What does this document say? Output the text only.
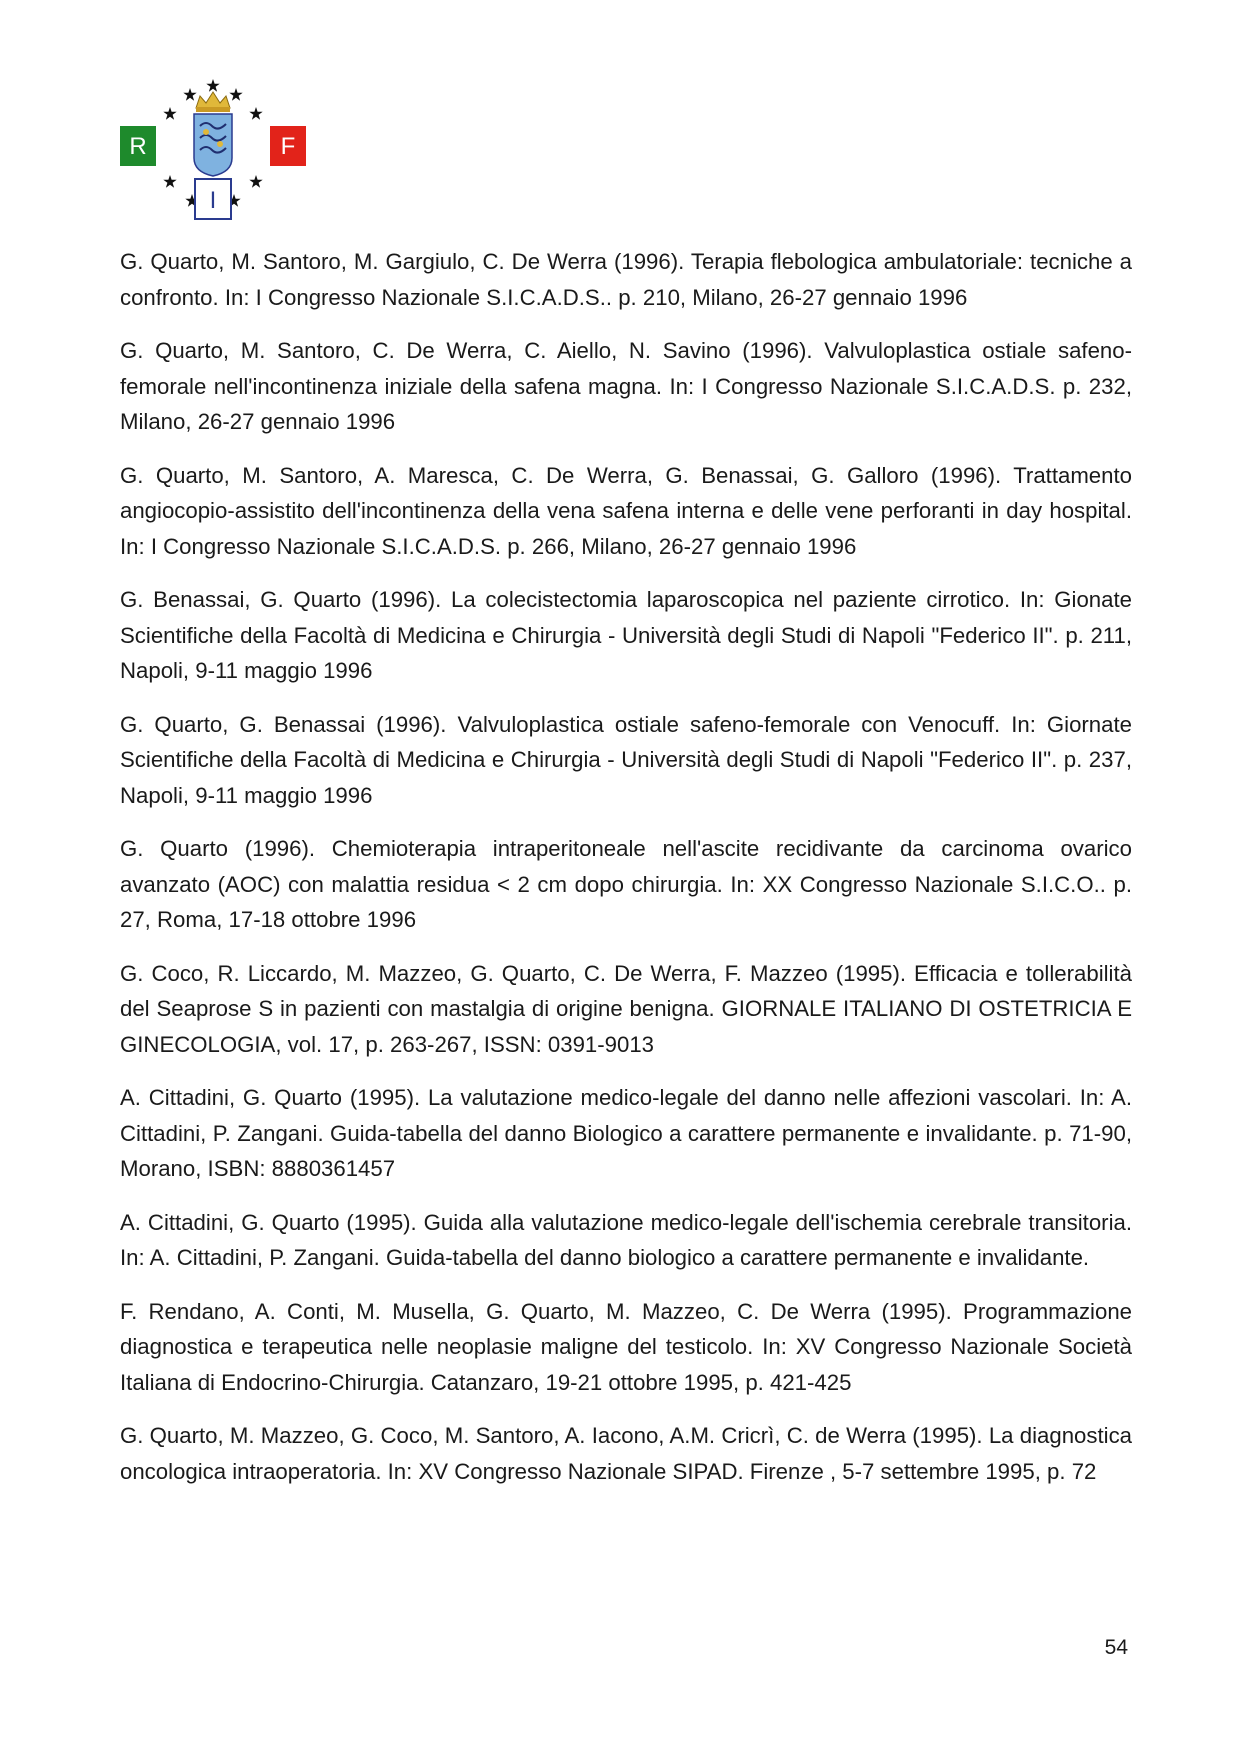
R	F
I

G. Quarto, M. Santoro, M. Gargiulo, C. De Werra (1996). Terapia flebologica ambulatoriale: tecniche a confronto. In: I Congresso Nazionale S.I.C.A.D.S.. p. 210, Milano, 26-27 gennaio 1996

G. Quarto, M. Santoro, C. De Werra, C. Aiello, N. Savino (1996). Valvuloplastica ostiale safeno-femorale nell'incontinenza iniziale della safena magna. In: I Congresso Nazionale S.I.C.A.D.S. p. 232, Milano, 26-27 gennaio 1996

G. Quarto, M. Santoro, A. Maresca, C. De Werra, G. Benassai, G. Galloro (1996). Trattamento angiocopio-assistito dell'incontinenza della vena safena interna e delle vene perforanti in day hospital. In: I Congresso Nazionale S.I.C.A.D.S. p. 266, Milano, 26-27 gennaio 1996

G. Benassai, G. Quarto (1996). La colecistectomia laparoscopica nel paziente cirrotico. In: Gionate Scientifiche della Facoltà di Medicina e Chirurgia - Università degli Studi di Napoli "Federico II". p. 211, Napoli, 9-11 maggio 1996

G. Quarto, G. Benassai (1996). Valvuloplastica ostiale safeno-femorale con Venocuff. In: Giornate Scientifiche della Facoltà di Medicina e Chirurgia - Università degli Studi di Napoli "Federico II". p. 237, Napoli, 9-11 maggio 1996

G. Quarto (1996). Chemioterapia intraperitoneale nell'ascite recidivante da carcinoma ovarico avanzato (AOC) con malattia residua < 2 cm dopo chirurgia. In: XX Congresso Nazionale S.I.C.O.. p. 27, Roma, 17-18 ottobre 1996

G. Coco, R. Liccardo, M. Mazzeo, G. Quarto, C. De Werra, F. Mazzeo (1995). Efficacia e tollerabilità del Seaprose S in pazienti con mastalgia di origine benigna. GIORNALE ITALIANO DI OSTETRICIA E GINECOLOGIA, vol. 17, p. 263-267, ISSN: 0391-9013

A. Cittadini, G. Quarto (1995). La valutazione medico-legale del danno nelle affezioni vascolari. In: A. Cittadini, P. Zangani. Guida-tabella del danno Biologico a carattere permanente e invalidante. p. 71-90, Morano, ISBN: 8880361457

A. Cittadini, G. Quarto (1995). Guida alla valutazione medico-legale dell'ischemia cerebrale transitoria. In: A. Cittadini, P. Zangani. Guida-tabella del danno biologico a carattere permanente e invalidante.

F. Rendano, A. Conti, M. Musella, G. Quarto, M. Mazzeo, C. De Werra (1995). Programmazione diagnostica e terapeutica nelle neoplasie maligne del testicolo. In: XV Congresso Nazionale Società Italiana di Endocrino-Chirurgia. Catanzaro, 19-21 ottobre 1995, p. 421-425

G. Quarto, M. Mazzeo, G. Coco, M. Santoro, A. Iacono, A.M. Cricrì, C. de Werra (1995). La diagnostica oncologica intraoperatoria. In: XV Congresso Nazionale SIPAD. Firenze , 5-7 settembre 1995, p. 72

54
